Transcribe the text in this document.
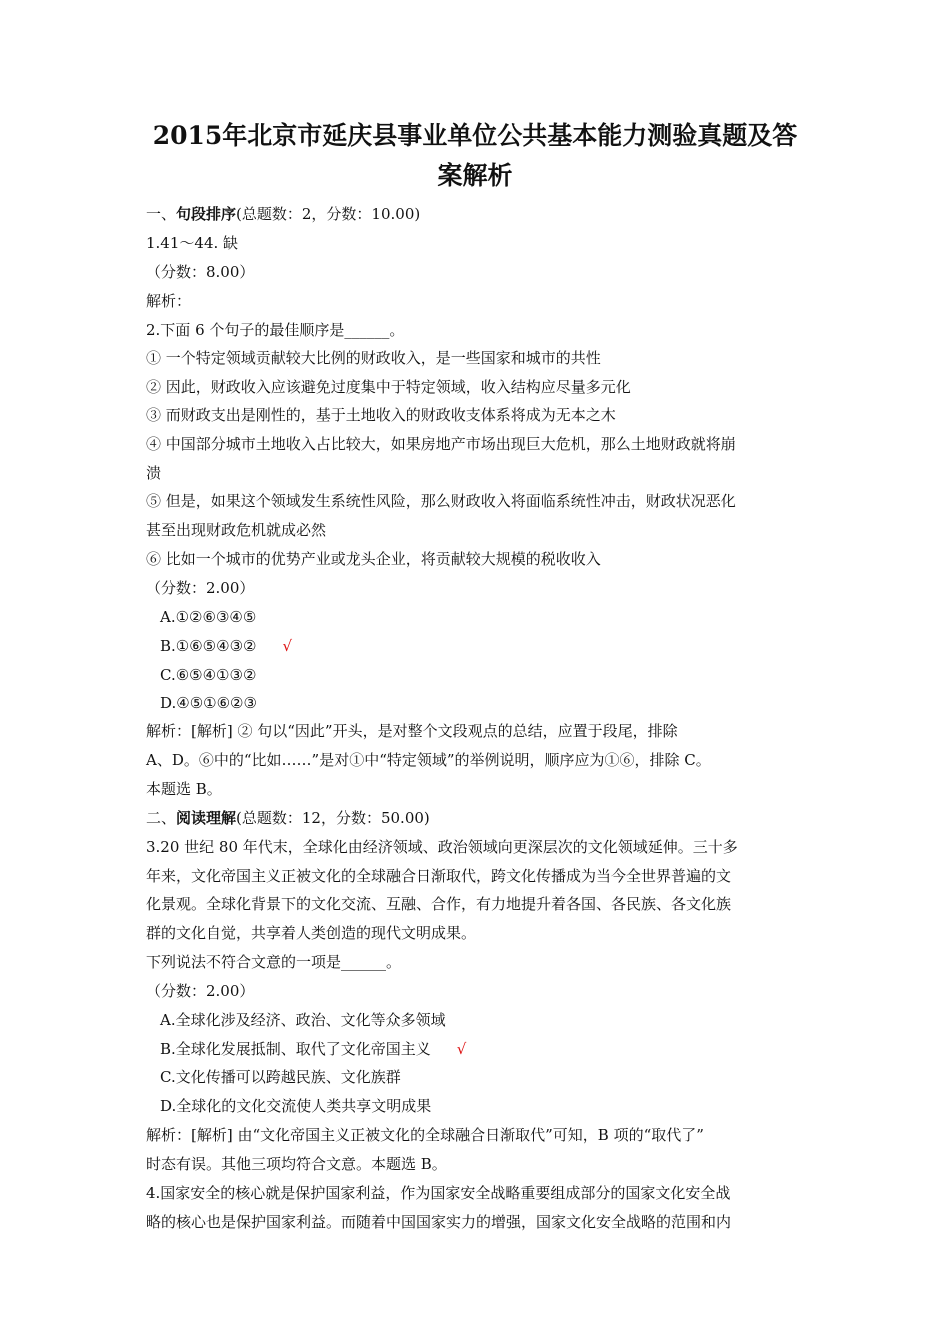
2015年北京市延庆县事业单位公共基本能力测验真题及答
案解析
一、句段排序(总题数：2，分数：10.00)
1.41～44. 缺
（分数：8.00）
解析：
2.下面 6 个句子的最佳顺序是______。
① 一个特定领域贡献较大比例的财政收入，是一些国家和城市的共性
② 因此，财政收入应该避免过度集中于特定领域，收入结构应尽量多元化
③ 而财政支出是刚性的，基于土地收入的财政收支体系将成为无本之木
④ 中国部分城市土地收入占比较大，如果房地产市场出现巨大危机，那么土地财政就将崩
溃
⑤ 但是，如果这个领域发生系统性风险，那么财政收入将面临系统性冲击，财政状况恶化
甚至出现财政危机就成必然
⑥ 比如一个城市的优势产业或龙头企业，将贡献较大规模的税收收入
（分数：2.00）
A.①②⑥③④⑤
B.①⑥⑤④③② √
C.⑥⑤④①③②
D.④⑤①⑥②③
解析：[解析] ② 句以“因此”开头，是对整个文段观点的总结，应置于段尾，排除
A、D。⑥中的“比如……”是对①中“特定领域”的举例说明，顺序应为①⑥，排除 C。
本题选 B。
二、阅读理解(总题数：12，分数：50.00)
3.20 世纪 80 年代末，全球化由经济领域、政治领域向更深层次的文化领域延伸。三十多
年来，文化帝国主义正被文化的全球融合日渐取代，跨文化传播成为当今全世界普遍的文
化景观。全球化背景下的文化交流、互融、合作，有力地提升着各国、各民族、各文化族
群的文化自觉，共享着人类创造的现代文明成果。
下列说法不符合文意的一项是______。
（分数：2.00）
A.全球化涉及经济、政治、文化等众多领域
B.全球化发展抵制、取代了文化帝国主义 √
C.文化传播可以跨越民族、文化族群
D.全球化的文化交流使人类共享文明成果
解析：[解析] 由“文化帝国主义正被文化的全球融合日渐取代”可知，B 项的“取代了”
时态有误。其他三项均符合文意。本题选 B。
4.国家安全的核心就是保护国家利益，作为国家安全战略重要组成部分的国家文化安全战
略的核心也是保护国家利益。而随着中国国家实力的增强，国家文化安全战略的范围和内
